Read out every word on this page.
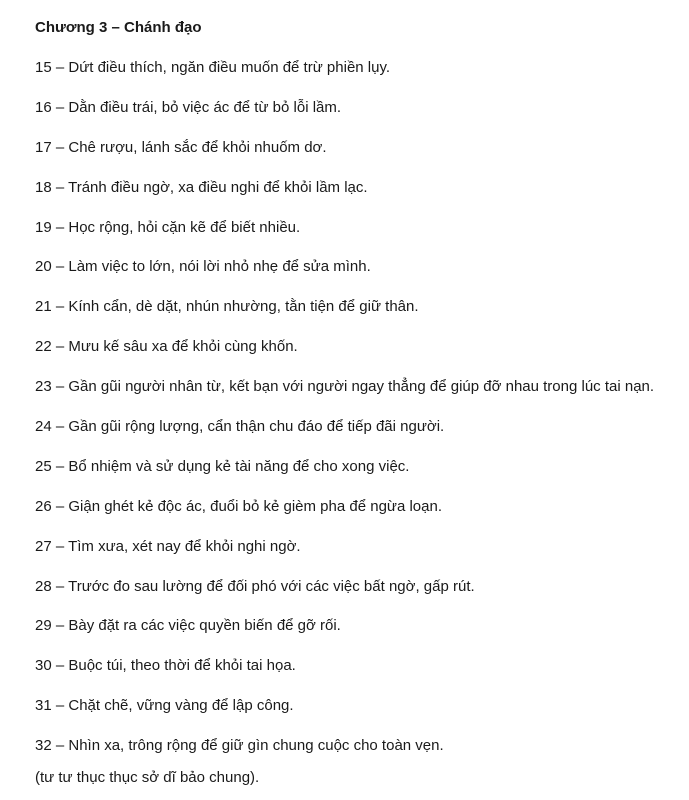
Chương 3 – Chánh đạo
15 – Dứt điều thích, ngăn điều muốn để trừ phiền lụy.
16 – Dằn điều trái, bỏ việc ác để từ bỏ lỗi lầm.
17 – Chê rượu, lánh sắc để khỏi nhuốm dơ.
18 – Tránh điều ngờ, xa điều nghi để khỏi lầm lạc.
19 – Học rộng, hỏi cặn kẽ để biết nhiều.
20 – Làm việc to lớn, nói lời nhỏ nhẹ để sửa mình.
21 – Kính cẩn, dè dặt, nhún nhường, tằn tiện để giữ thân.
22 – Mưu kế sâu xa để khỏi cùng khốn.
23 – Gần gũi người nhân từ, kết bạn với người ngay thẳng để giúp đỡ nhau trong lúc tai nạn.
24 – Gần gũi rộng lượng, cẩn thận chu đáo để tiếp đãi người.
25 – Bổ nhiệm và sử dụng kẻ tài năng để cho xong việc.
26 – Giận ghét kẻ độc ác, đuổi bỏ kẻ gièm pha để ngừa loạn.
27 – Tìm xưa, xét nay để khỏi nghi ngờ.
28 – Trước đo sau lường để đối phó với các việc bất ngờ, gấp rút.
29 – Bày đặt ra các việc quyền biến để gỡ rối.
30 – Buộc túi, theo thời để khỏi tai họa.
31 – Chặt chẽ, vững vàng để lập công.
32 – Nhìn xa, trông rộng để giữ gìn chung cuộc cho toàn vẹn.
(tư tư thục thục sở dĩ bảo chung).
